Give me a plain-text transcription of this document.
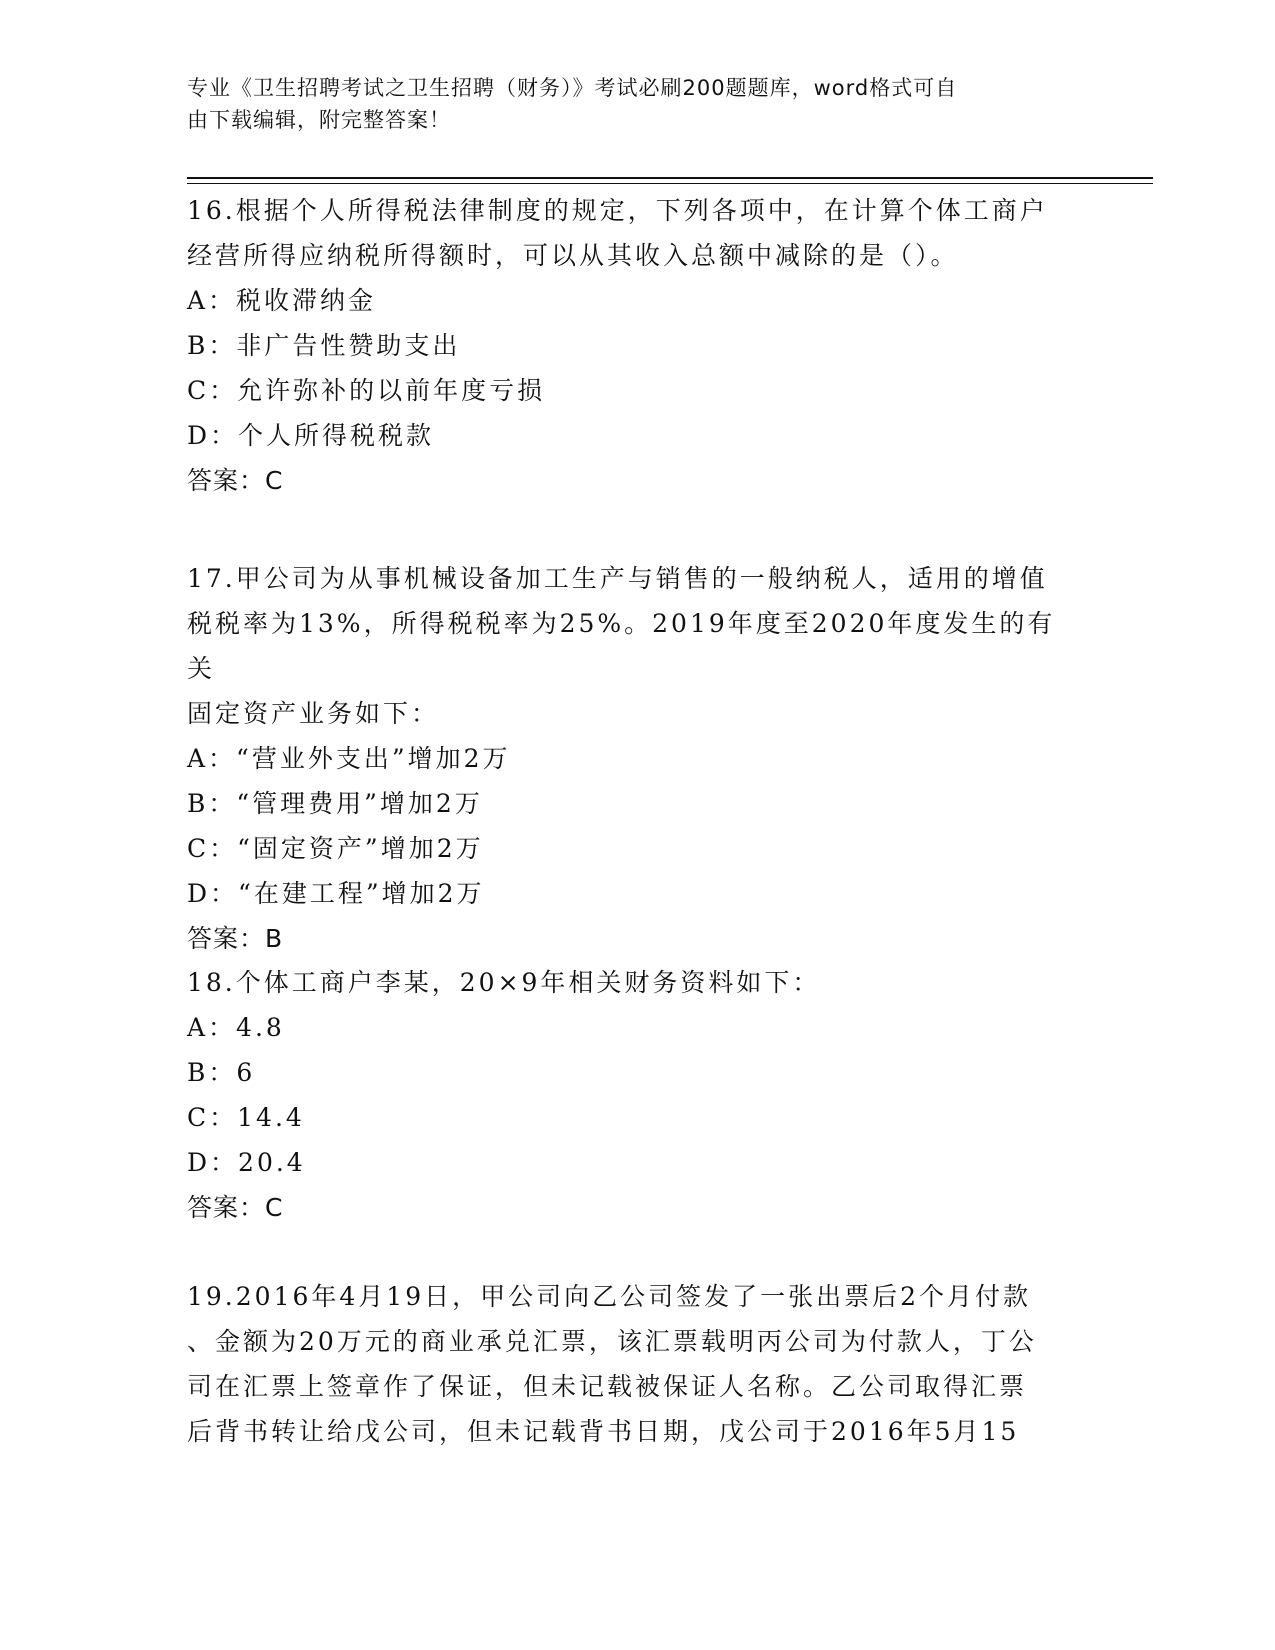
专业《卫生招聘考试之卫生招聘（财务）》考试必刷200题题库，word格式可自
由下载编辑，附完整答案！

16.根据个人所得税法律制度的规定，下列各项中，在计算个体工商户

经营所得应纳税所得额时，可以从其收入总额中减除的是（）。

A：税收滞纳金

B：非广告性赞助支出

C：允许弥补的以前年度亏损

D：个人所得税税款

答案：C

17.甲公司为从事机械设备加工生产与销售的一般纳税人，适用的增值

税税率为13%，所得税税率为25%。2019年度至2020年度发生的有关

固定资产业务如下：

A：“营业外支出”增加2万

B：“管理费用”增加2万

C：“固定资产”增加2万

D：“在建工程”增加2万

答案：B

18.个体工商户李某，20×9年相关财务资料如下：

A：4.8

B：6

C：14.4

D：20.4

答案：C

19.2016年4月19日，甲公司向乙公司签发了一张出票后2个月付款

、金额为20万元的商业承兑汇票，该汇票载明丙公司为付款人，丁公

司在汇票上签章作了保证，但未记载被保证人名称。乙公司取得汇票

后背书转让给戊公司，但未记载背书日期，戊公司于2016年5月15
